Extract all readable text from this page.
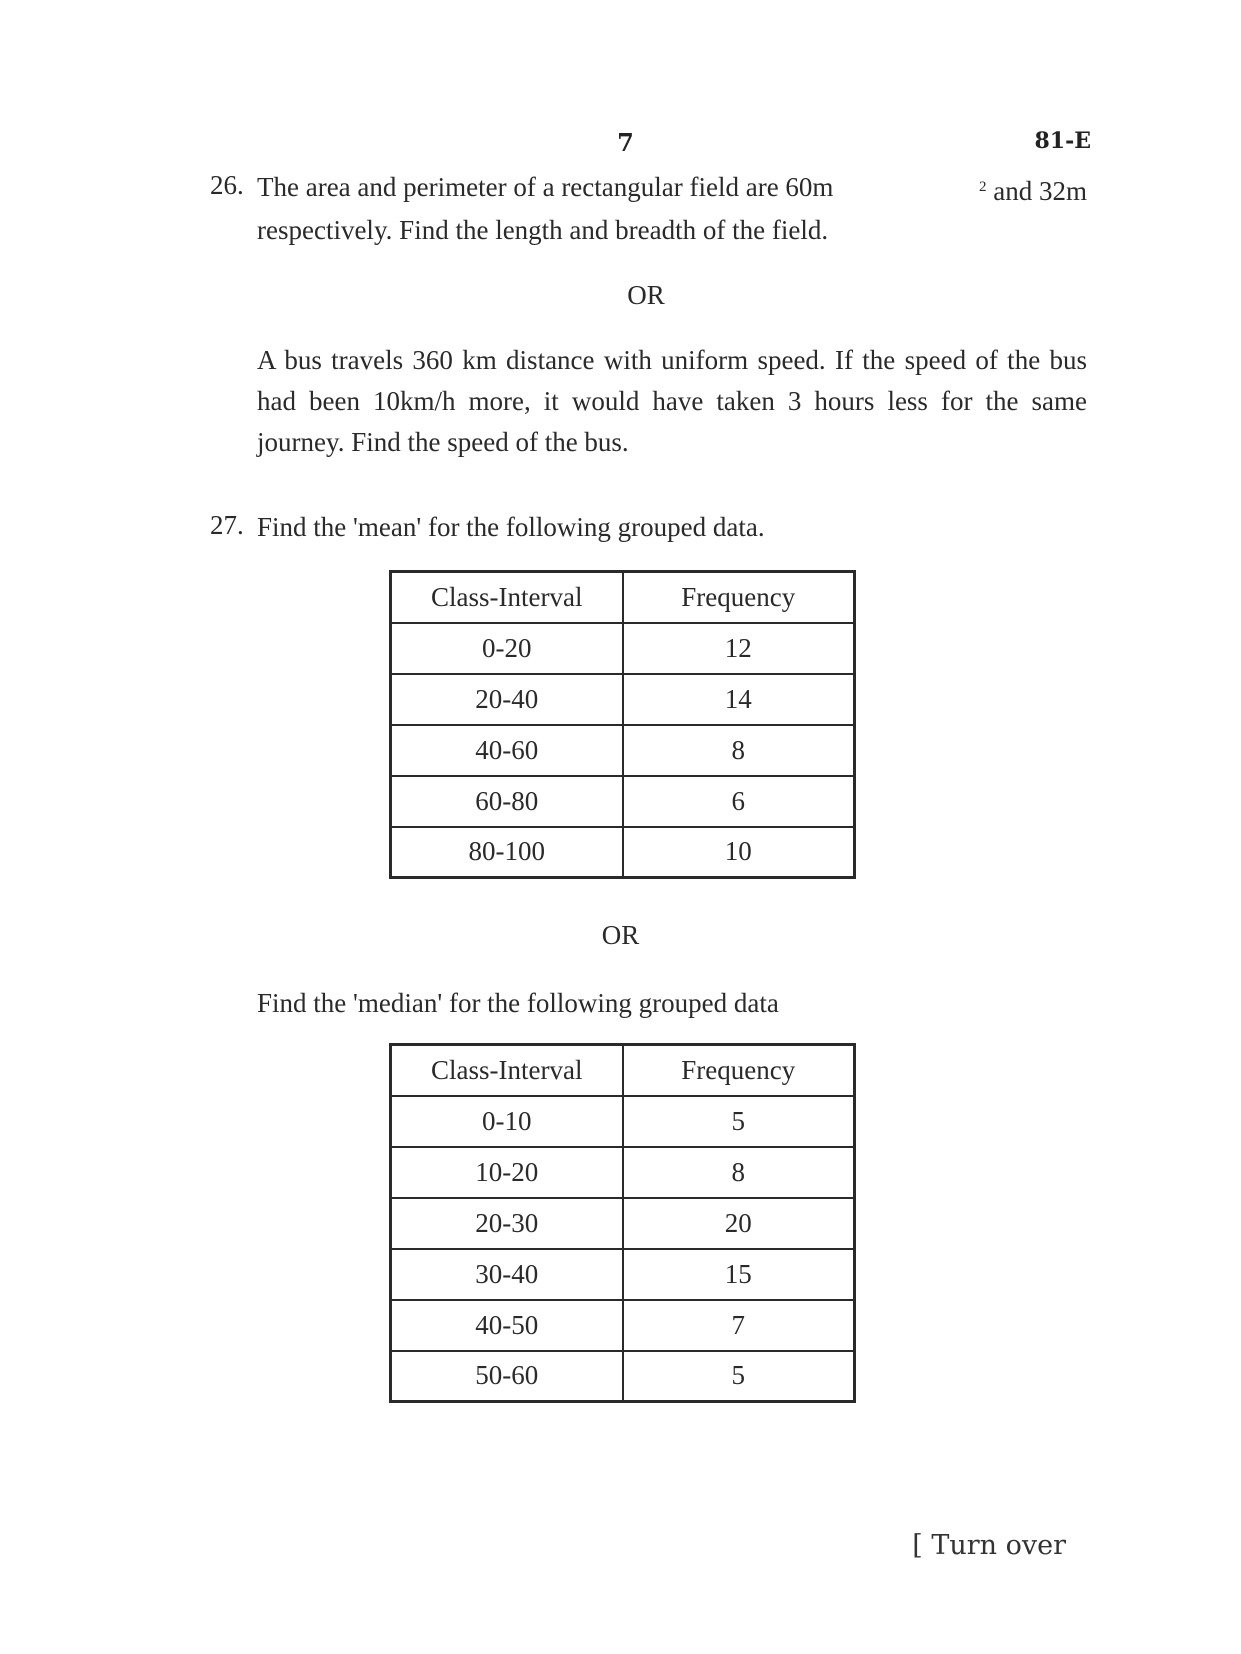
7	81-E
26. The area and perimeter of a rectangular field are 60m	$^2$ and 32m
respectively. Find the length and breadth of the field.
OR
A bus travels 360 km distance with uniform speed. If the speed of the bus had been 10km/h more, it would have taken 3 hours less for the same journey. Find the speed of the bus.
27. Find the 'mean' for the following grouped data.
Class-Interval	Frequency
0-20	12
20-40	14
40-60	8
60-80	6
80-100	10
OR
Find the 'median' for the following grouped data
Class-Interval	Frequency
0-10	5
10-20	8
20-30	20
30-40	15
40-50	7
50-60	5
[ Turn over
